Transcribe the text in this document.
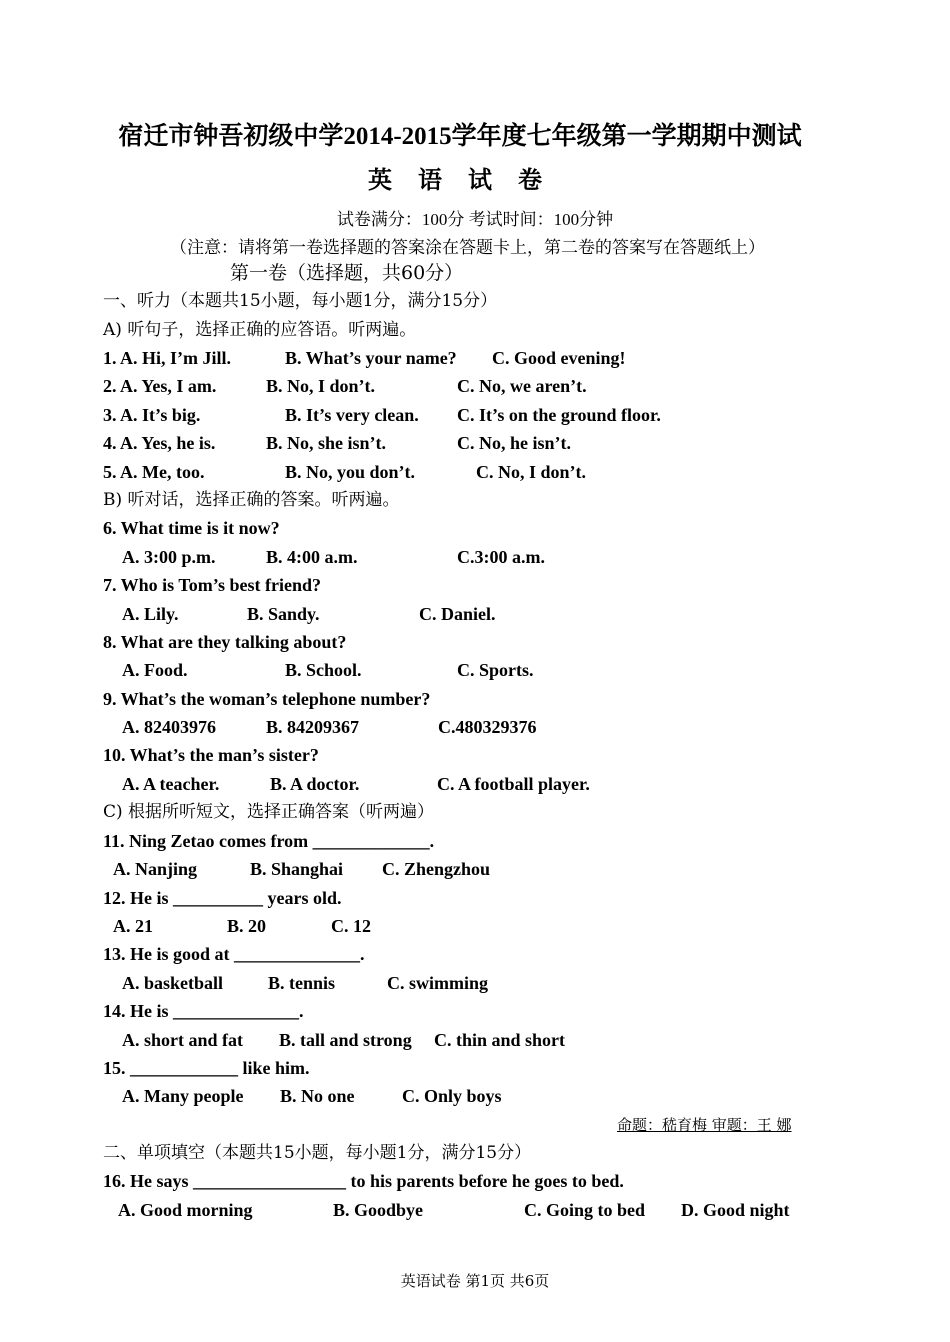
宿迁市钟吾初级中学2014-2015学年度七年级第一学期期中测试
英 语 试 卷
试卷满分：100分 考试时间：100分钟
（注意：请将第一卷选择题的答案涂在答题卡上，第二卷的答案写在答题纸上）
第一卷（选择题，共60分）
一、听力（本题共15小题，每小题1分，满分15分）
A) 听句子，选择正确的应答语。听两遍。
1. A. Hi, I’m Jill.	B. What’s your name? C. Good evening!
2. A. Yes, I am.	B. No, I don’t.	C. No, we aren’t.
3. A. It’s big.	B. It’s very clean. C. It’s on the ground floor.
4. A. Yes, he is.	B. No, she isn’t.	C. No, he isn’t.
5. A. Me, too.	B. No, you don’t.	C. No, I don’t.
B) 听对话，选择正确的答案。听两遍。
6. What time is it now?
A. 3:00 p.m.	B. 4:00 a.m.	C.3:00 a.m.
7. Who is Tom’s best friend?
A. Lily.	B. Sandy.	C. Daniel.
8. What are they talking about?
A. Food.	B. School.	C. Sports.
9. What’s the woman’s telephone number?
A. 82403976	B. 84209367	C.480329376
10. What’s the man’s sister?
A. A teacher.	B. A doctor.	C. A football player.
C) 根据所听短文，选择正确答案（听两遍）
11. Ning Zetao comes from _____________.
A. Nanjing	B. Shanghai C. Zhengzhou
12. He is __________ years old.
A. 21	B. 20	C. 12
13. He is good at ______________.
A. basketball B. tennis	C. swimming
14. He is ______________.
A. short and fat B. tall and strong C. thin and short
15. ____________ like him.
A. Many people B. No one	C. Only boys
命题：嵇育梅 审题：王 娜
二、单项填空（本题共15小题，每小题1分，满分15分）
16. He says _________________ to his parents before he goes to bed.
A. Good morning	B. Goodbye	C. Going to bed D. Good night
英语试卷 第1页 共6页
